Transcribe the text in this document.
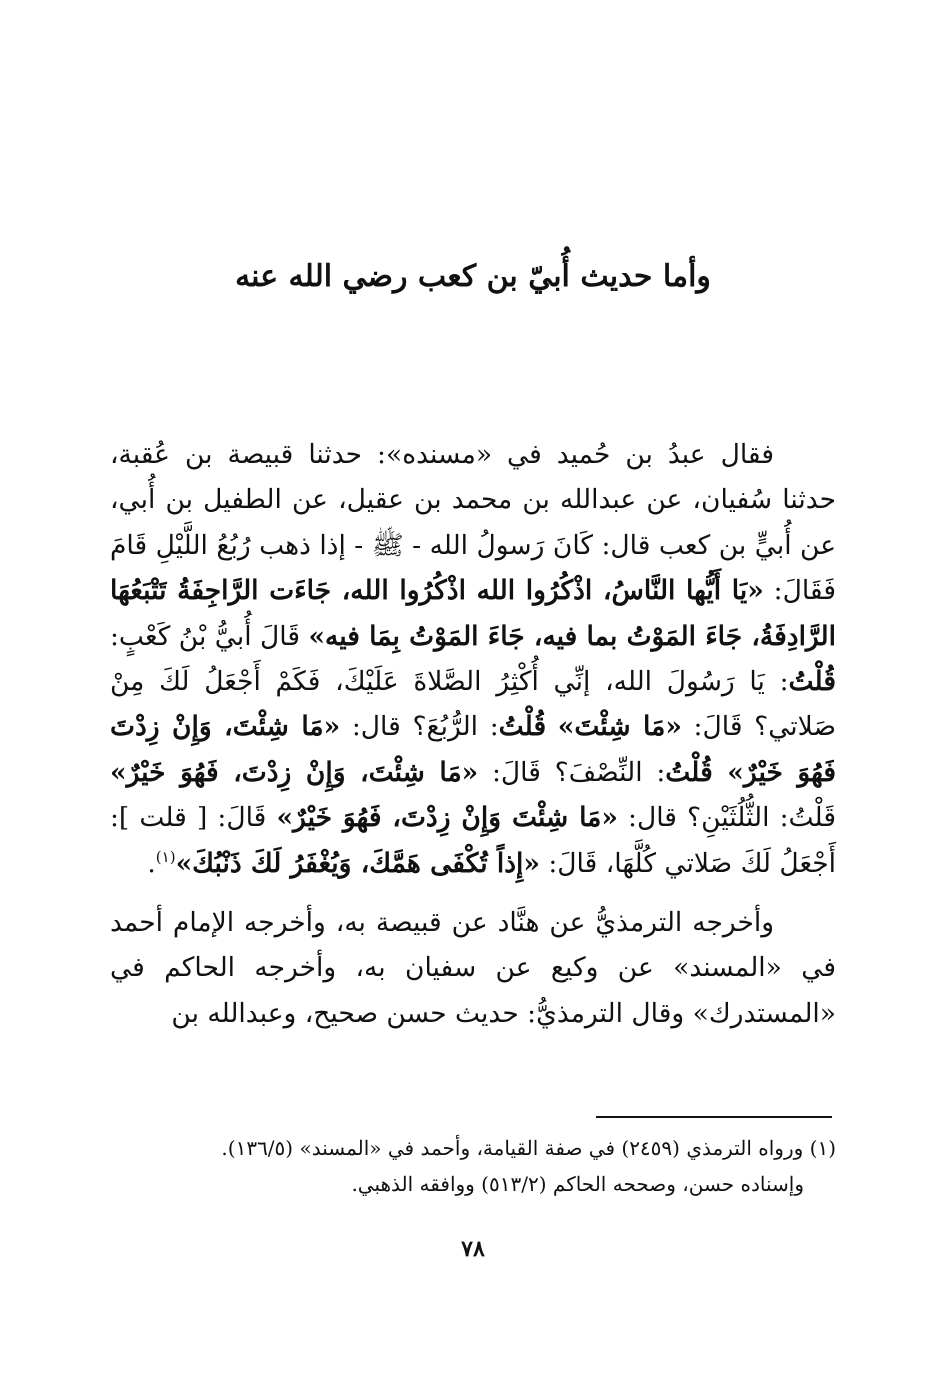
وأما حديث أُبيّ بن كعب رضي الله عنه

فقال عبدُ بن حُميد في «مسنده»: حدثنا قبيصة بن عُقبة، حدثنا سُفيان، عن عبدالله بن محمد بن عقيل، عن الطفيل بن أُبي، عن أُبيٍّ بن كعب قال: كَانَ رَسولُ الله - ﷺ - إذا ذهب رُبُعُ اللَّيْلِ قَامَ فَقَالَ: «يَا أَيُّها النَّاسُ، اذْكُرُوا الله اذْكُرُوا الله، جَاءَت الرَّاجِفَةُ تَتْبَعُهَا الرَّادِفَةُ، جَاءَ المَوْتُ بما فيه، جَاءَ المَوْتُ بِمَا فيه» قَالَ أُبيُّ بْنُ كَعْبٍ: قُلْتُ: يَا رَسُولَ الله، إنِّي أُكْثِرُ الصَّلاةَ عَلَيْكَ، فَكَمْ أَجْعَلُ لَكَ مِنْ صَلاتي؟ قَالَ: «مَا شِئْتَ» قُلْتُ: الرُّبُعَ؟ قال: «مَا شِئْتَ، وَإِنْ زِدْتَ فَهُوَ خَيْرٌ» قُلْتُ: النِّصْفَ؟ قَالَ: «مَا شِئْتَ، وَإِنْ زِدْتَ، فَهُوَ خَيْرٌ» قَلْتُ: الثُّلُثَيْنِ؟ قال: «مَا شِئْتَ وَإِنْ زِدْتَ، فَهُوَ خَيْرٌ» قَالَ: [ قلت ]: أَجْعَلُ لَكَ صَلاتي كُلَّهَا، قَالَ: «إِذاً تُكْفَى هَمَّكَ، وَيُغْفَرُ لَكَ ذَنْبُكَ»$^{(١)}$.

وأخرجه الترمذيُّ عن هنَّاد عن قبيصة به، وأخرجه الإمام أحمد في «المسند» عن وكيع عن سفيان به، وأخرجه الحاكم في «المستدرك» وقال الترمذيُّ: حديث حسن صحيح، وعبدالله بن

(١) ورواه الترمذي (٢٤٥٩) في صفة القيامة، وأحمد في «المسند» (١٣٦/٥).

وإسناده حسن، وصححه الحاكم (٥١٣/٢) ووافقه الذهبي.

٧٨
